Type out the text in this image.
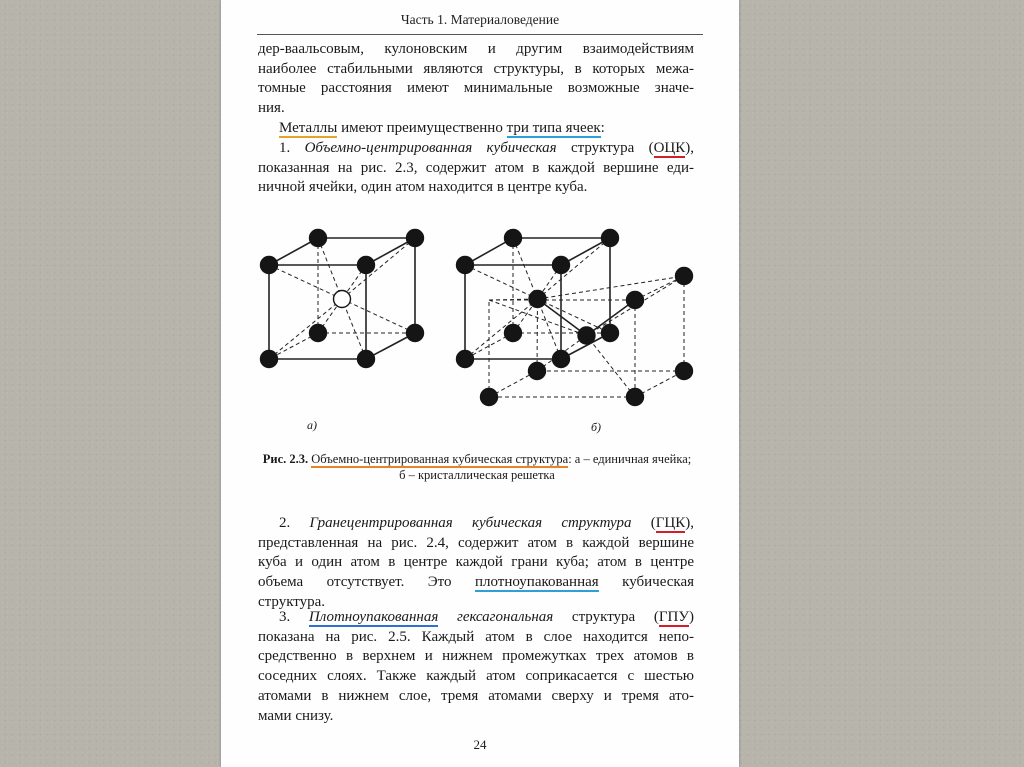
Часть 1. Материаловедение
дер-ваальсовым, кулоновским и другим взаимодействиям
наиболее стабильными являются структуры, в которых межа-
томные расстояния имеют минимальные возможные значе-
ния.
Металлы имеют преимущественно три типа ячеек:
1. Объемно-центрированная кубическая структура (ОЦК),
показанная на рис. 2.3, содержит атом в каждой вершине еди-
ничной ячейки, один атом находится в центре куба.
а)	б)
Рис. 2.3. Объемно-центрированная кубическая структура: а – единичная ячейка;
б – кристаллическая решетка
2. Гранецентрированная кубическая структура (ГЦК),
представленная на рис. 2.4, содержит атом в каждой вершине
куба и один атом в центре каждой грани куба; атом в центре
объема отсутствует. Это плотноупакованная кубическая
структура.
3. Плотноупакованная гексагональная структура (ГПУ)
показана на рис. 2.5. Каждый атом в слое находится непо-
средственно в верхнем и нижнем промежутках трех атомов в
соседних слоях. Также каждый атом соприкасается с шестью
атомами в нижнем слое, тремя атомами сверху и тремя ато-
мами снизу.
24
